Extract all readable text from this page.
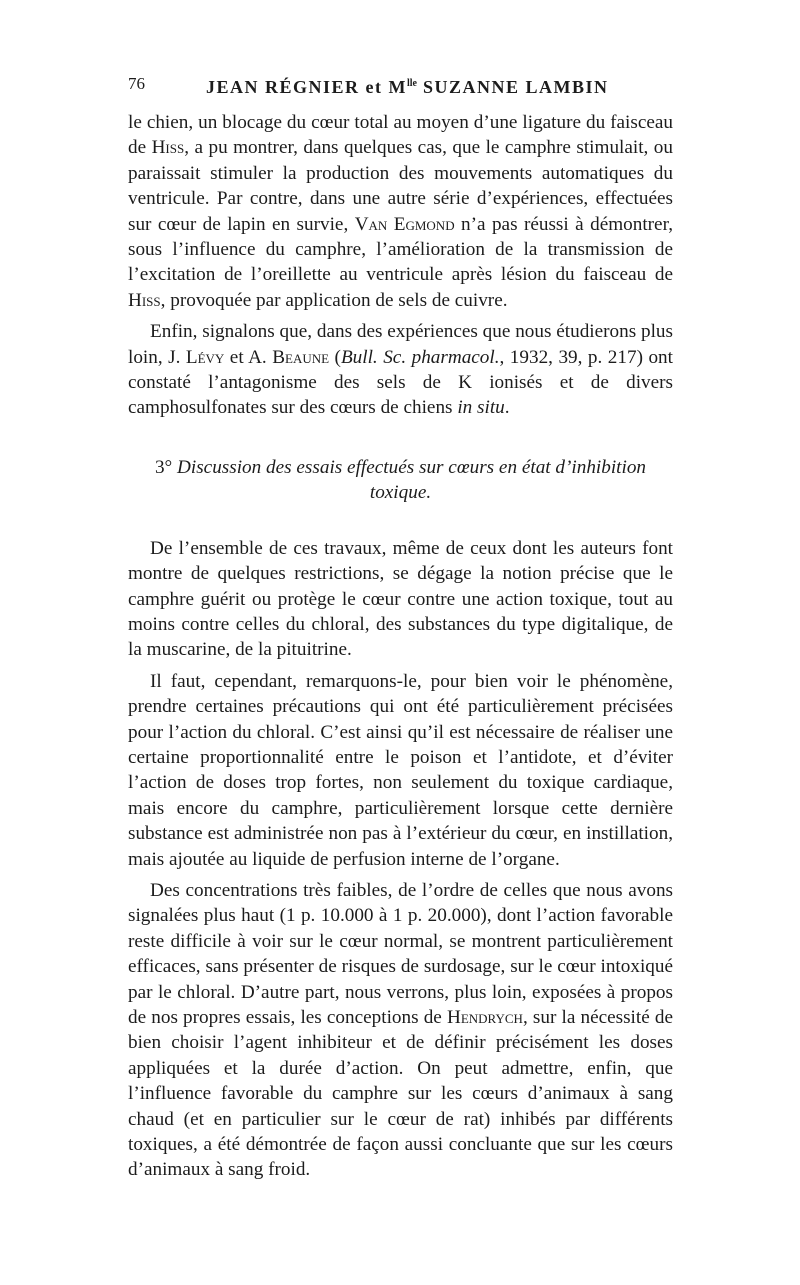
76	JEAN RÉGNIER et $M^{lle}$ SUZANNE LAMBIN

le chien, un blocage du cœur total au moyen d’une ligature du faisceau de Hiss, a pu montrer, dans quelques cas, que le camphre stimulait, ou paraissait stimuler la production des mouvements automatiques du ventricule. Par contre, dans une autre série d’expériences, effectuées sur cœur de lapin en survie, Van Egmond n’a pas réussi à démontrer, sous l’influence du camphre, l’amélioration de la transmission de l’excitation de l’oreillette au ventricule après lésion du faisceau de Hiss, provoquée par application de sels de cuivre.

Enfin, signalons que, dans des expériences que nous étudierons plus loin, J. Lévy et A. Beaune (Bull. Sc. pharmacol., 1932, 39, p. 217) ont constaté l’antagonisme des sels de K ionisés et de divers camphosulfonates sur des cœurs de chiens in situ.

3° Discussion des essais effectués sur cœurs en état d’inhibition toxique.

De l’ensemble de ces travaux, même de ceux dont les auteurs font montre de quelques restrictions, se dégage la notion précise que le camphre guérit ou protège le cœur contre une action toxique, tout au moins contre celles du chloral, des substances du type digitalique, de la muscarine, de la pituitrine.

Il faut, cependant, remarquons-le, pour bien voir le phénomène, prendre certaines précautions qui ont été particulièrement précisées pour l’action du chloral. C’est ainsi qu’il est nécessaire de réaliser une certaine proportionnalité entre le poison et l’antidote, et d’éviter l’action de doses trop fortes, non seulement du toxique cardiaque, mais encore du camphre, particulièrement lorsque cette dernière substance est administrée non pas à l’extérieur du cœur, en instillation, mais ajoutée au liquide de perfusion interne de l’organe.

Des concentrations très faibles, de l’ordre de celles que nous avons signalées plus haut (1 p. 10.000 à 1 p. 20.000), dont l’action favorable reste difficile à voir sur le cœur normal, se montrent particulièrement efficaces, sans présenter de risques de surdosage, sur le cœur intoxiqué par le chloral. D’autre part, nous verrons, plus loin, exposées à propos de nos propres essais, les conceptions de Hendrych, sur la nécessité de bien choisir l’agent inhibiteur et de définir précisément les doses appliquées et la durée d’action. On peut admettre, enfin, que l’influence favorable du camphre sur les cœurs d’animaux à sang chaud (et en particulier sur le cœur de rat) inhibés par différents toxiques, a été démontrée de façon aussi concluante que sur les cœurs d’animaux à sang froid.
